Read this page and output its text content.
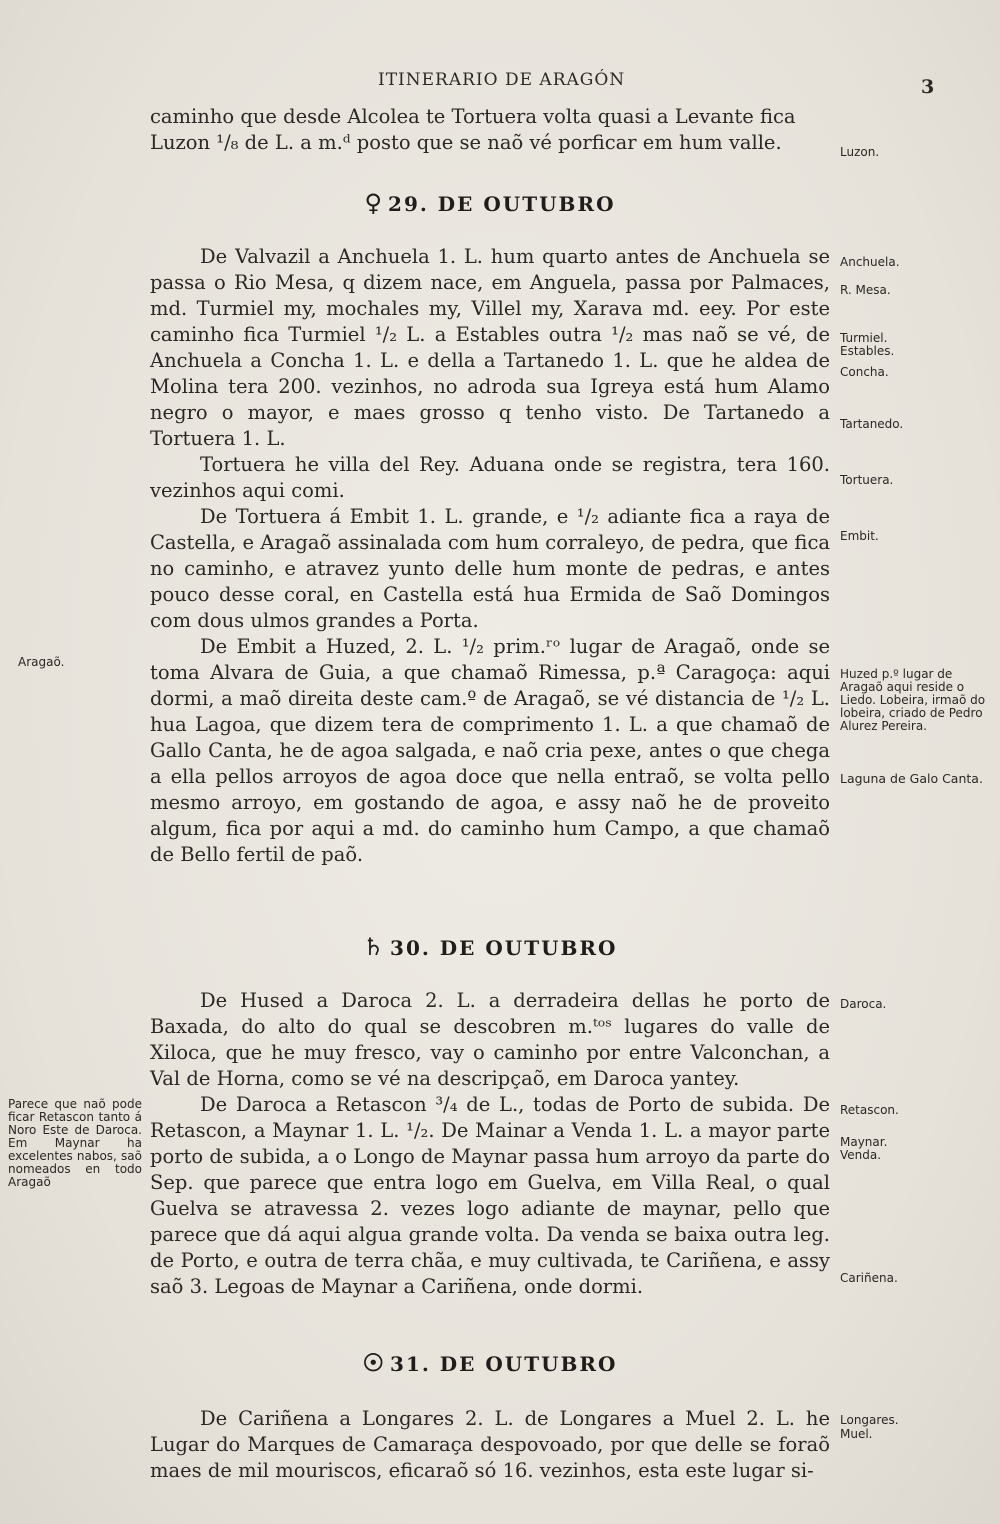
ITINERARIO DE ARAGÓN	3

caminho que desde Alcolea te Tortuera volta quasi a Levante fica

Luzon ¹/₈ de L. a m.ᵈ posto que se naõ vé porficar em hum valle.

♀ 29. DE OUTUBRO

De Valvazil a Anchuela 1. L. hum quarto antes de Anchuela se passa o Rio Mesa, q dizem nace, em Anguela, passa por Palmaces, md. Turmiel my, mochales my, Villel my, Xarava md. eey. Por este caminho fica Turmiel ¹/₂ L. a Estables outra ¹/₂ mas naõ se vé, de Anchuela a Concha 1. L. e della a Tartanedo 1. L. que he aldea de Molina tera 200. vezinhos, no adroda sua Igreya está hum Alamo negro o mayor, e maes grosso q tenho visto. De Tartanedo a Tortuera 1. L.

Tortuera he villa del Rey. Aduana onde se registra, tera 160. vezinhos aqui comi.

De Tortuera á Embit 1. L. grande, e ¹/₂ adiante fica a raya de Castella, e Aragaõ assinalada com hum corraleyo, de pedra, que fica no caminho, e atravez yunto delle hum monte de pedras, e antes pouco desse coral, en Castella está hua Ermida de Saõ Domingos com dous ulmos grandes a Porta.

De Embit a Huzed, 2. L. ¹/₂ prim.ʳᵒ lugar de Aragaõ, onde se toma Alvara de Guia, a que chamaõ Rimessa, p.ª Caragoça: aqui dormi, a maõ direita deste cam.º de Aragaõ, se vé distancia de ¹/₂ L. hua Lagoa, que dizem tera de comprimento 1. L. a que chamaõ de Gallo Canta, he de agoa salgada, e naõ cria pexe, antes o que chega a ella pellos arroyos de agoa doce que nella entraõ, se volta pello mesmo arroyo, em gostando de agoa, e assy naõ he de proveito algum, fica por aqui a md. do caminho hum Campo, a que chamaõ de Bello fertil de paõ.

♄ 30. DE OUTUBRO

De Hused a Daroca 2. L. a derradeira dellas he porto de Baxada, do alto do qual se descobren m.ᵗᵒˢ lugares do valle de Xiloca, que he muy fresco, vay o caminho por entre Valconchan, a Val de Horna, como se vé na descripçaõ, em Daroca yantey.

De Daroca a Retascon ³/₄ de L., todas de Porto de subida. De Retascon, a Maynar 1. L. ¹/₂. De Mainar a Venda 1. L. a mayor parte porto de subida, a o Longo de Maynar passa hum arroyo da parte do Sep. que parece que entra logo em Guelva, em Villa Real, o qual Guelva se atravessa 2. vezes logo adiante de maynar, pello que parece que dá aqui algua grande volta. Da venda se baixa outra leg. de Porto, e outra de terra chãa, e muy cultivada, te Cariñena, e assy saõ 3. Legoas de Maynar a Cariñena, onde dormi.

☉ 31. DE OUTUBRO

De Cariñena a Longares 2. L. de Longares a Muel 2. L. he Lugar do Marques de Camaraça despovoado, por que delle se foraõ maes de mil mouriscos, eficaraõ só 16. vezinhos, esta este lugar si-

Luzon.
Anchuela.
R. Mesa.
Turmiel.
Estables.
Concha.
Tartanedo.
Tortuera.
Embit.
Huzed p.º lugar de Aragaõ aqui reside o Liedo. Lobeira, irmaõ do lobeira, criado de Pedro Alurez Pereira.
Laguna de Galo Canta.
Daroca.
Retascon.
Maynar.
Venda.
Cariñena.
Longares.
Muel.
Aragaõ.
Parece que naõ pode ficar Retascon tanto á Noro Este de Daroca. Em Maynar ha excelentes nabos, saõ nomeados en todo Aragaõ
